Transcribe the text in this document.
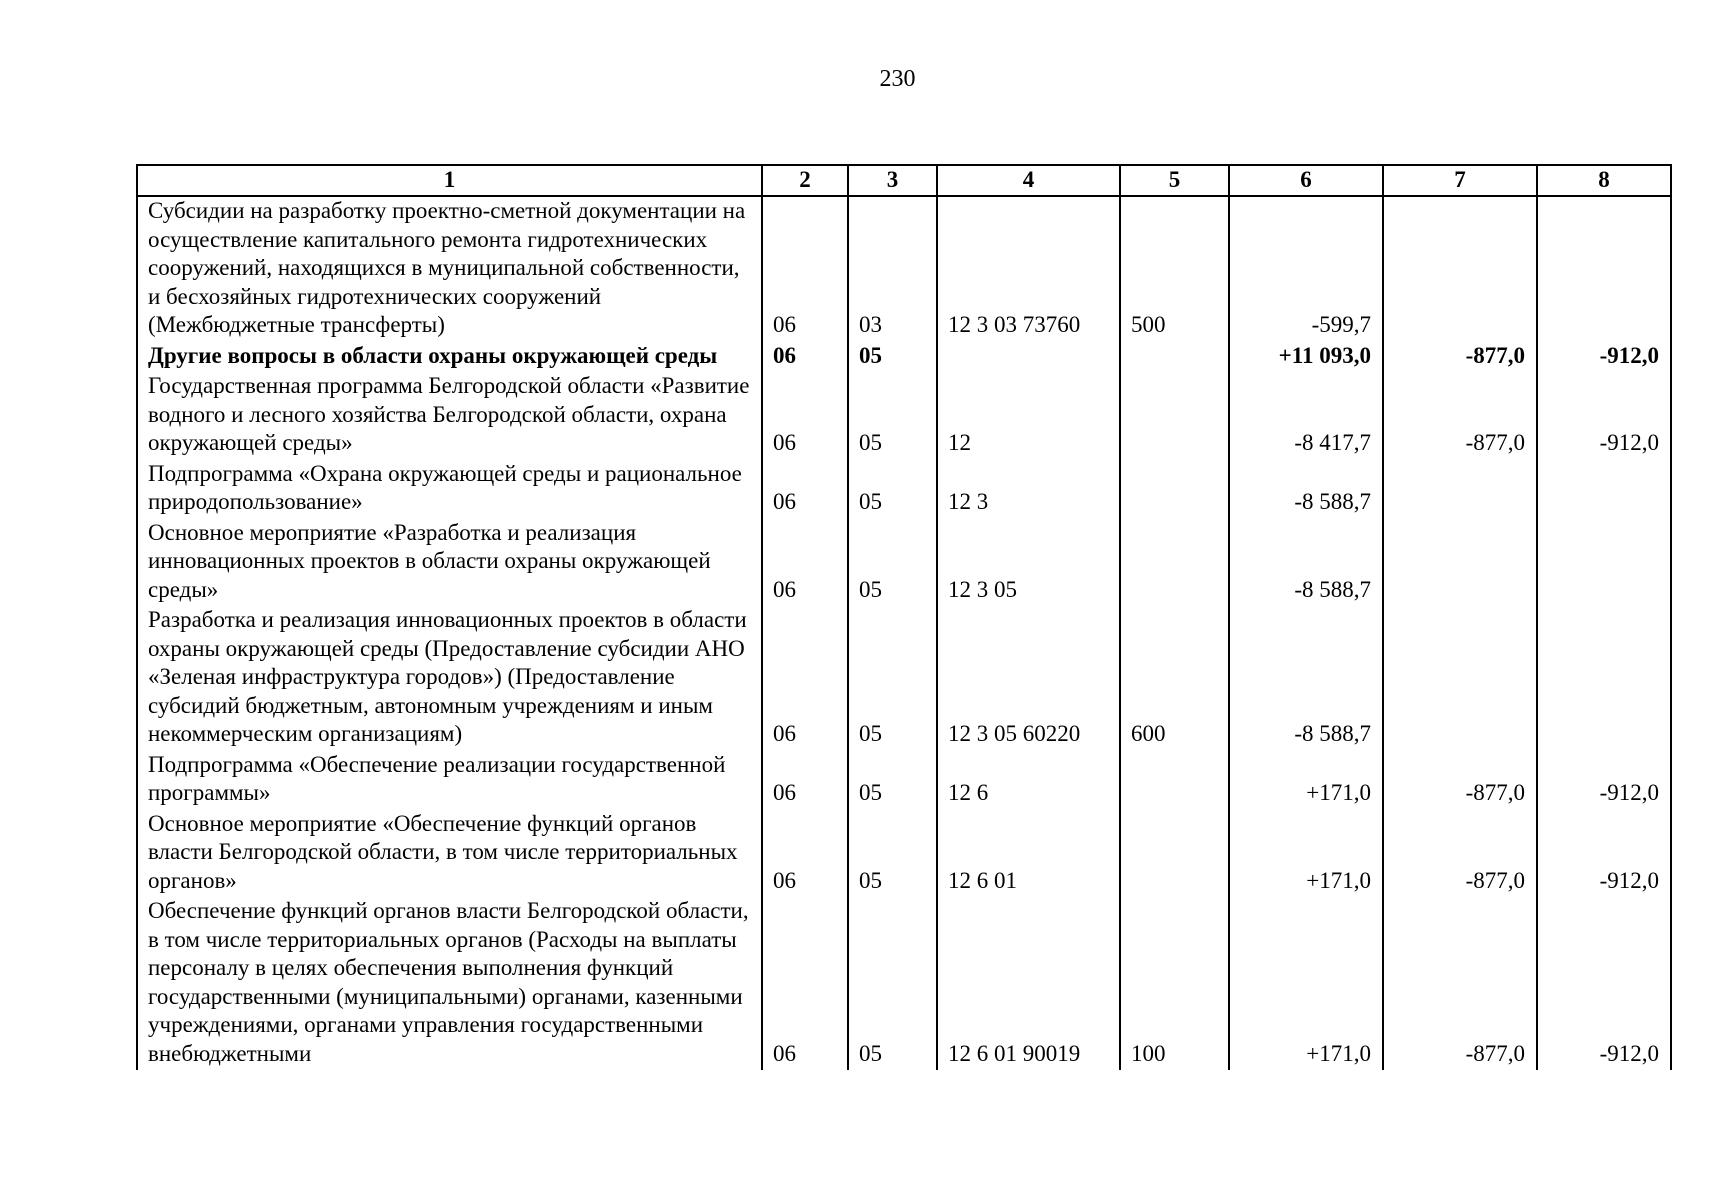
230
1	2	3	4	5	6	7	8
Субсидии на разработку проектно-сметной документации на осуществление капитального ремонта гидротехнических сооружений, находящихся в муниципальной собственности, и бесхозяйных гидротехнических сооружений (Межбюджетные трансферты)	06	03	12 3 03 73760	500	-599,7		
Другие вопросы в области охраны окружающей среды	06	05			+11 093,0	-877,0	-912,0
Государственная программа Белгородской области «Развитие водного и лесного хозяйства Белгородской области, охрана окружающей среды»	06	05	12		-8 417,7	-877,0	-912,0
Подпрограмма «Охрана окружающей среды и рациональное природопользование»	06	05	12 3		-8 588,7		
Основное мероприятие «Разработка и реализация инновационных проектов в области охраны окружающей среды»	06	05	12 3 05		-8 588,7		
Разработка и реализация инновационных проектов в области охраны окружающей среды (Предоставление субсидии АНО «Зеленая инфраструктура городов») (Предоставление субсидий бюджетным, автономным учреждениям и иным некоммерческим организациям)	06	05	12 3 05 60220	600	-8 588,7		
Подпрограмма «Обеспечение реализации государственной программы»	06	05	12 6		+171,0	-877,0	-912,0
Основное мероприятие «Обеспечение функций органов власти Белгородской области, в том числе территориальных органов»	06	05	12 6 01		+171,0	-877,0	-912,0
Обеспечение функций органов власти Белгородской области, в том числе территориальных органов (Расходы на выплаты персоналу в целях обеспечения выполнения функций государственными (муниципальными) органами, казенными учреждениями, органами управления государственными внебюджетными	06	05	12 6 01 90019	100	+171,0	-877,0	-912,0
